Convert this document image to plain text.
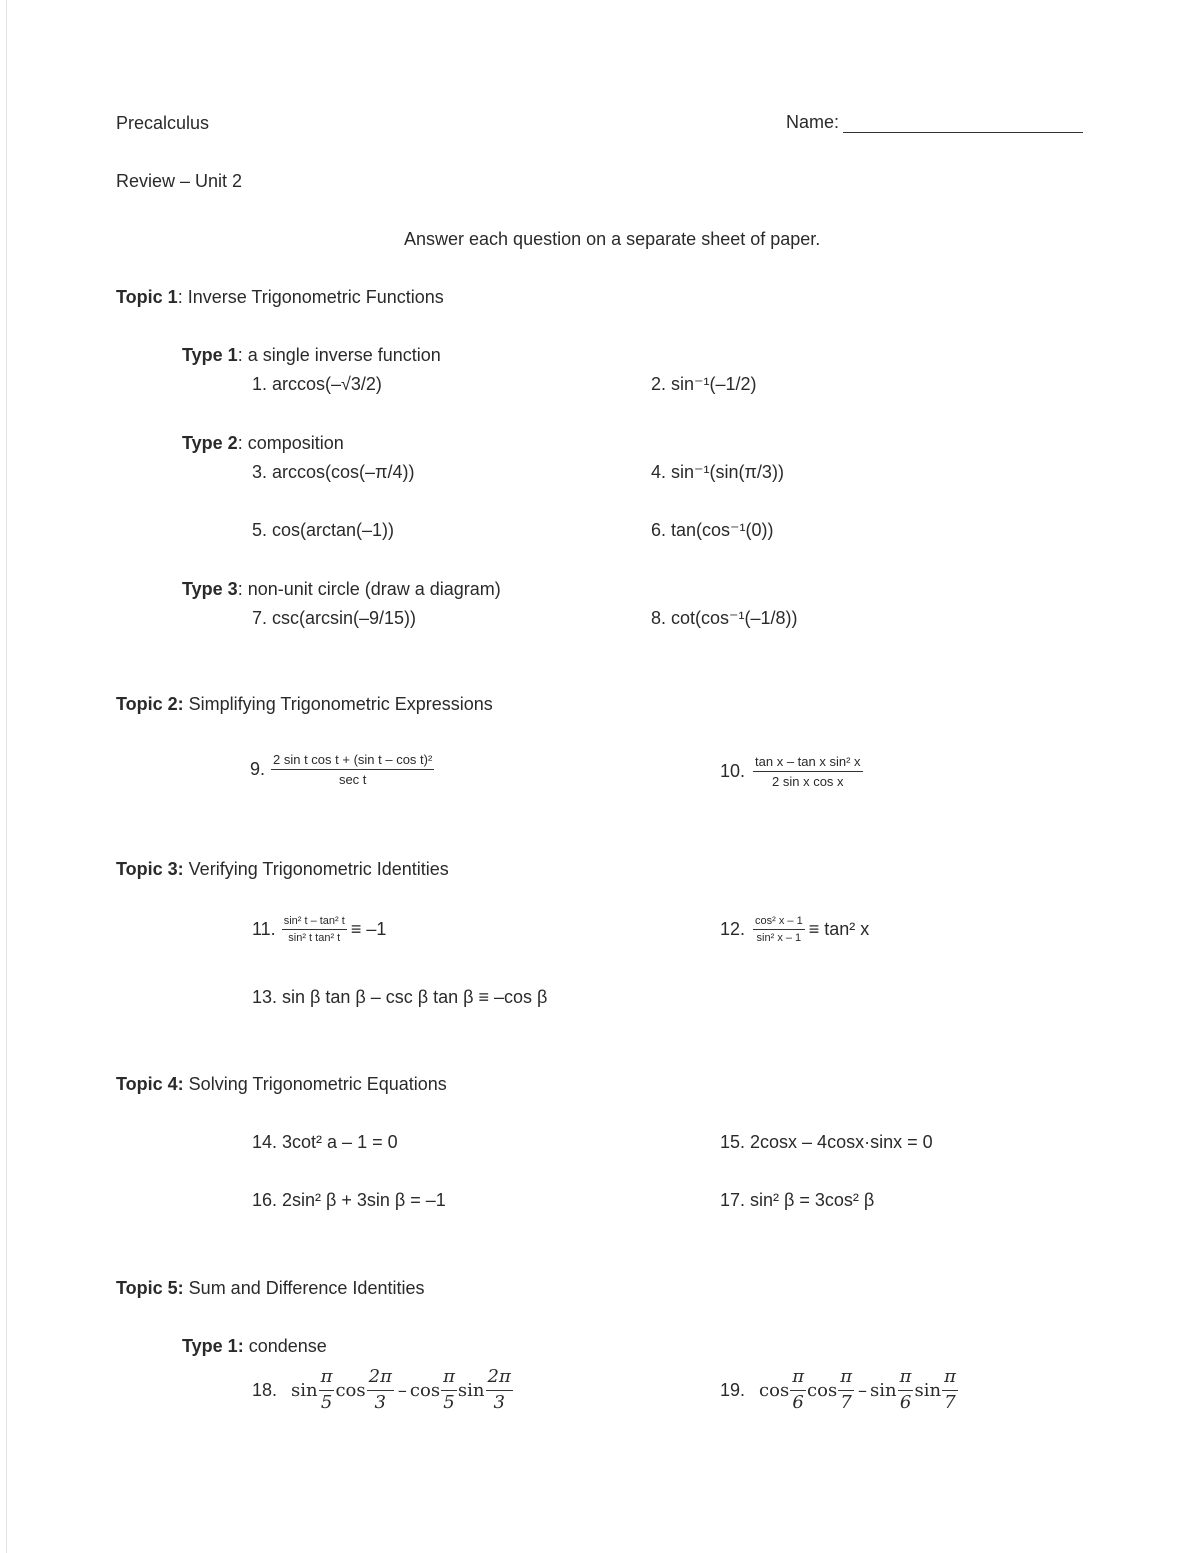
Precalculus	Name:
Review – Unit 2
Answer each question on a separate sheet of paper.
Topic 1: Inverse Trigonometric Functions
Type 1: a single inverse function
1. arccos(–√3/2)	2. sin⁻¹(–1/2)
Type 2: composition
3. arccos(cos(–π/4))	4. sin⁻¹(sin(π/3))
5. cos(arctan(–1))	6. tan(cos⁻¹(0))
Type 3: non-unit circle (draw a diagram)
7. csc(arcsin(–9/15))	8. cot(cos⁻¹(–1/8))
Topic 2: Simplifying Trigonometric Expressions
9. $\frac{\text{2 sin t cos t + (sin t – cos t)²}}{\text{sec t}}$	10. $\frac{\text{tan x – tan x sin² x}}{\text{2 sin x cos x}}$
Topic 3: Verifying Trigonometric Identities
11. $\frac{\text{sin² t – tan² t}}{\text{sin² t tan² t}} \equiv -1$	12. $\frac{\text{cos² x – 1}}{\text{sin² x – 1}} \equiv \tan^2$ x
13. sin β tan β – csc β tan β ≡ –cos β
Topic 4: Solving Trigonometric Equations
14. 3cot² a – 1 = 0	15. 2cosx – 4cosx·sinx = 0
16. 2sin² β + 3sin β = –1	17. sin² β = 3cos² β
Topic 5: Sum and Difference Identities
Type 1: condense
18. $\sin \frac{\pi}{5}$ $\cos \frac{2\pi}{3}$ – $\cos \frac{\pi}{5}$ $\sin \frac{2\pi}{3}$	19. $\cos \frac{\pi}{6}$ $\cos \frac{\pi}{7}$ – $\sin \frac{\pi}{6}$ $\sin \frac{\pi}{7}$
